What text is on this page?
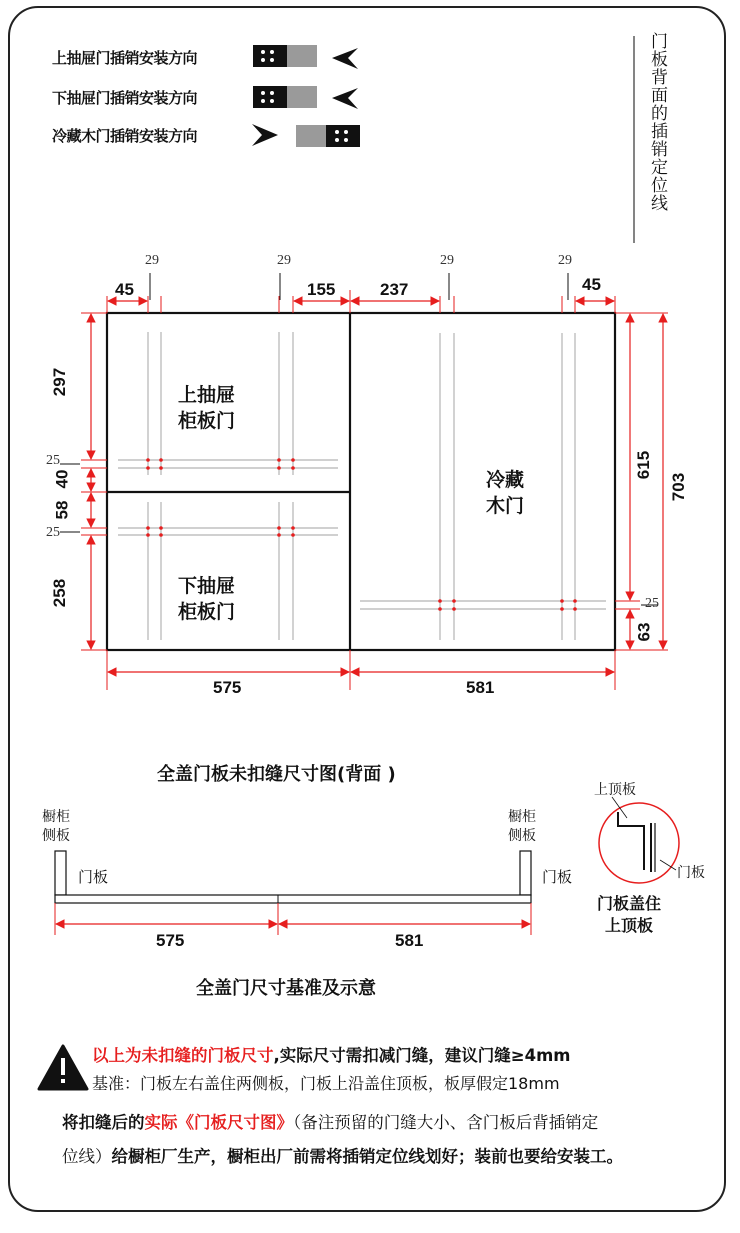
上抽屉门插销安装方向
下抽屉门插销安装方向
冷藏木门插销安装方向	门板背面的插销定位线
上抽屉
柜板门
下抽屉
柜板门
冷藏
木门
45
29	29
155	237
29	29
45
297
25
40
58
25
258
615
703
25
63
575	581
全盖门板未扣缝尺寸图(背面 )
橱柜
侧板
橱柜
侧板
门板	门板
575	581
上顶板
门板
门板盖住
上顶板
全盖门尺寸基准及示意
以上为未扣缝的门板尺寸,实际尺寸需扣减门缝，建议门缝≥4mm
基准：门板左右盖住两侧板，门板上沿盖住顶板，板厚假定18mm
将扣缝后的实际《门板尺寸图》（备注预留的门缝大小、含门板后背插销定
位线）给橱柜厂生产，橱柜出厂前需将插销定位线划好；装前也要给安装工。
